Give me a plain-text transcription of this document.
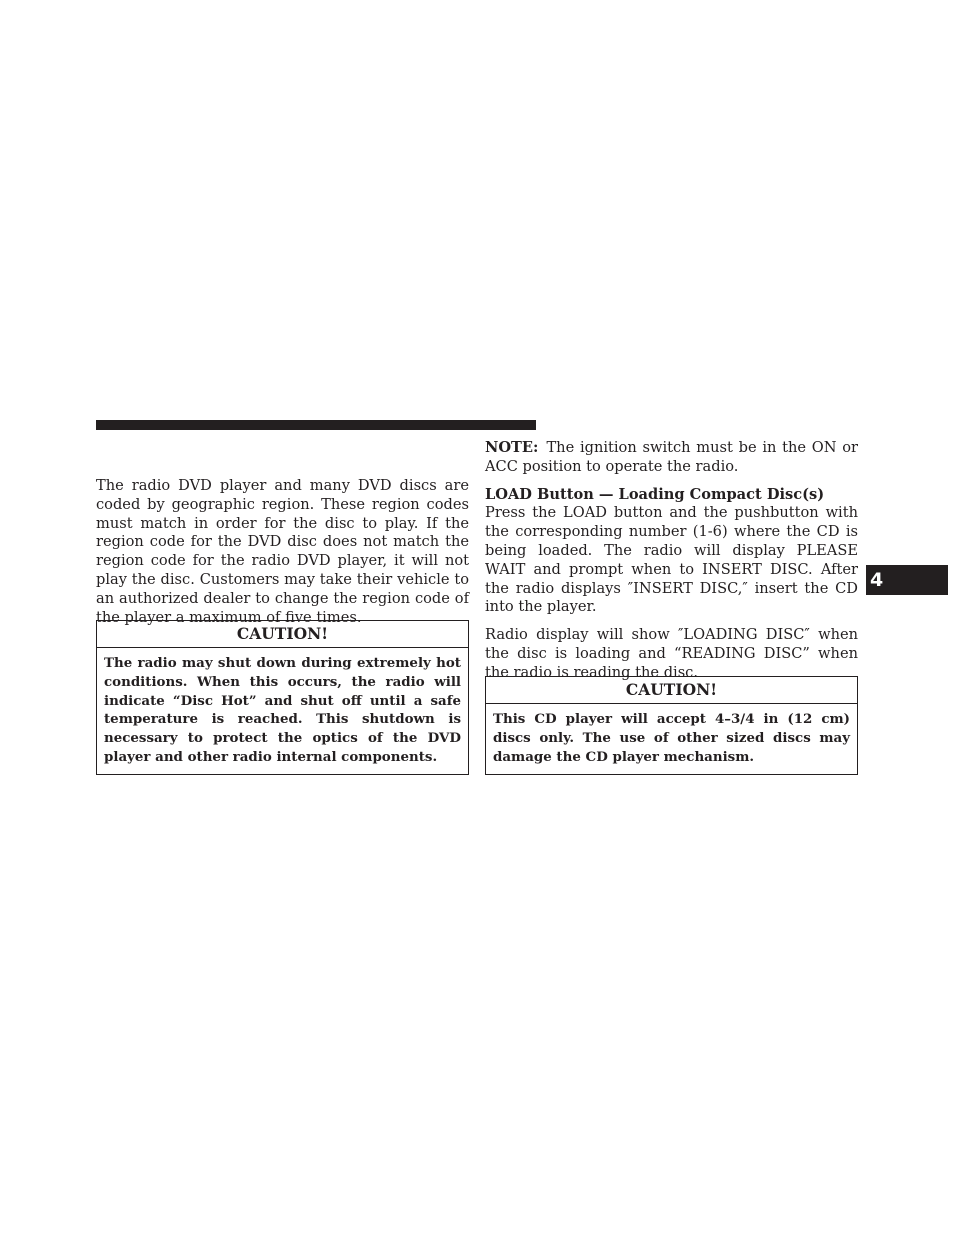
The radio DVD player and many DVD discs are coded by geographic region. These region codes must match in order for the disc to play. If the region code for the DVD disc does not match the region code for the radio DVD player, it will not play the disc. Customers may take their vehicle to an authorized dealer to change the region code of the player a maximum of five times.

CAUTION!
The radio may shut down during extremely hot conditions. When this occurs, the radio will indicate “Disc Hot” and shut off until a safe temperature is reached. This shutdown is necessary to protect the optics of the DVD player and other radio internal components.

NOTE: The ignition switch must be in the ON or ACC position to operate the radio.

LOAD Button — Loading Compact Disc(s)

Press the LOAD button and the pushbutton with the corresponding number (1-6) where the CD is being loaded. The radio will display PLEASE WAIT and prompt when to INSERT DISC. After the radio displays ″INSERT DISC,″ insert the CD into the player.

Radio display will show ″LOADING DISC″ when the disc is loading and “READING DISC” when the radio is reading the disc.

CAUTION!
This CD player will accept 4–3/4 in (12 cm) discs only. The use of other sized discs may damage the CD player mechanism.
4
